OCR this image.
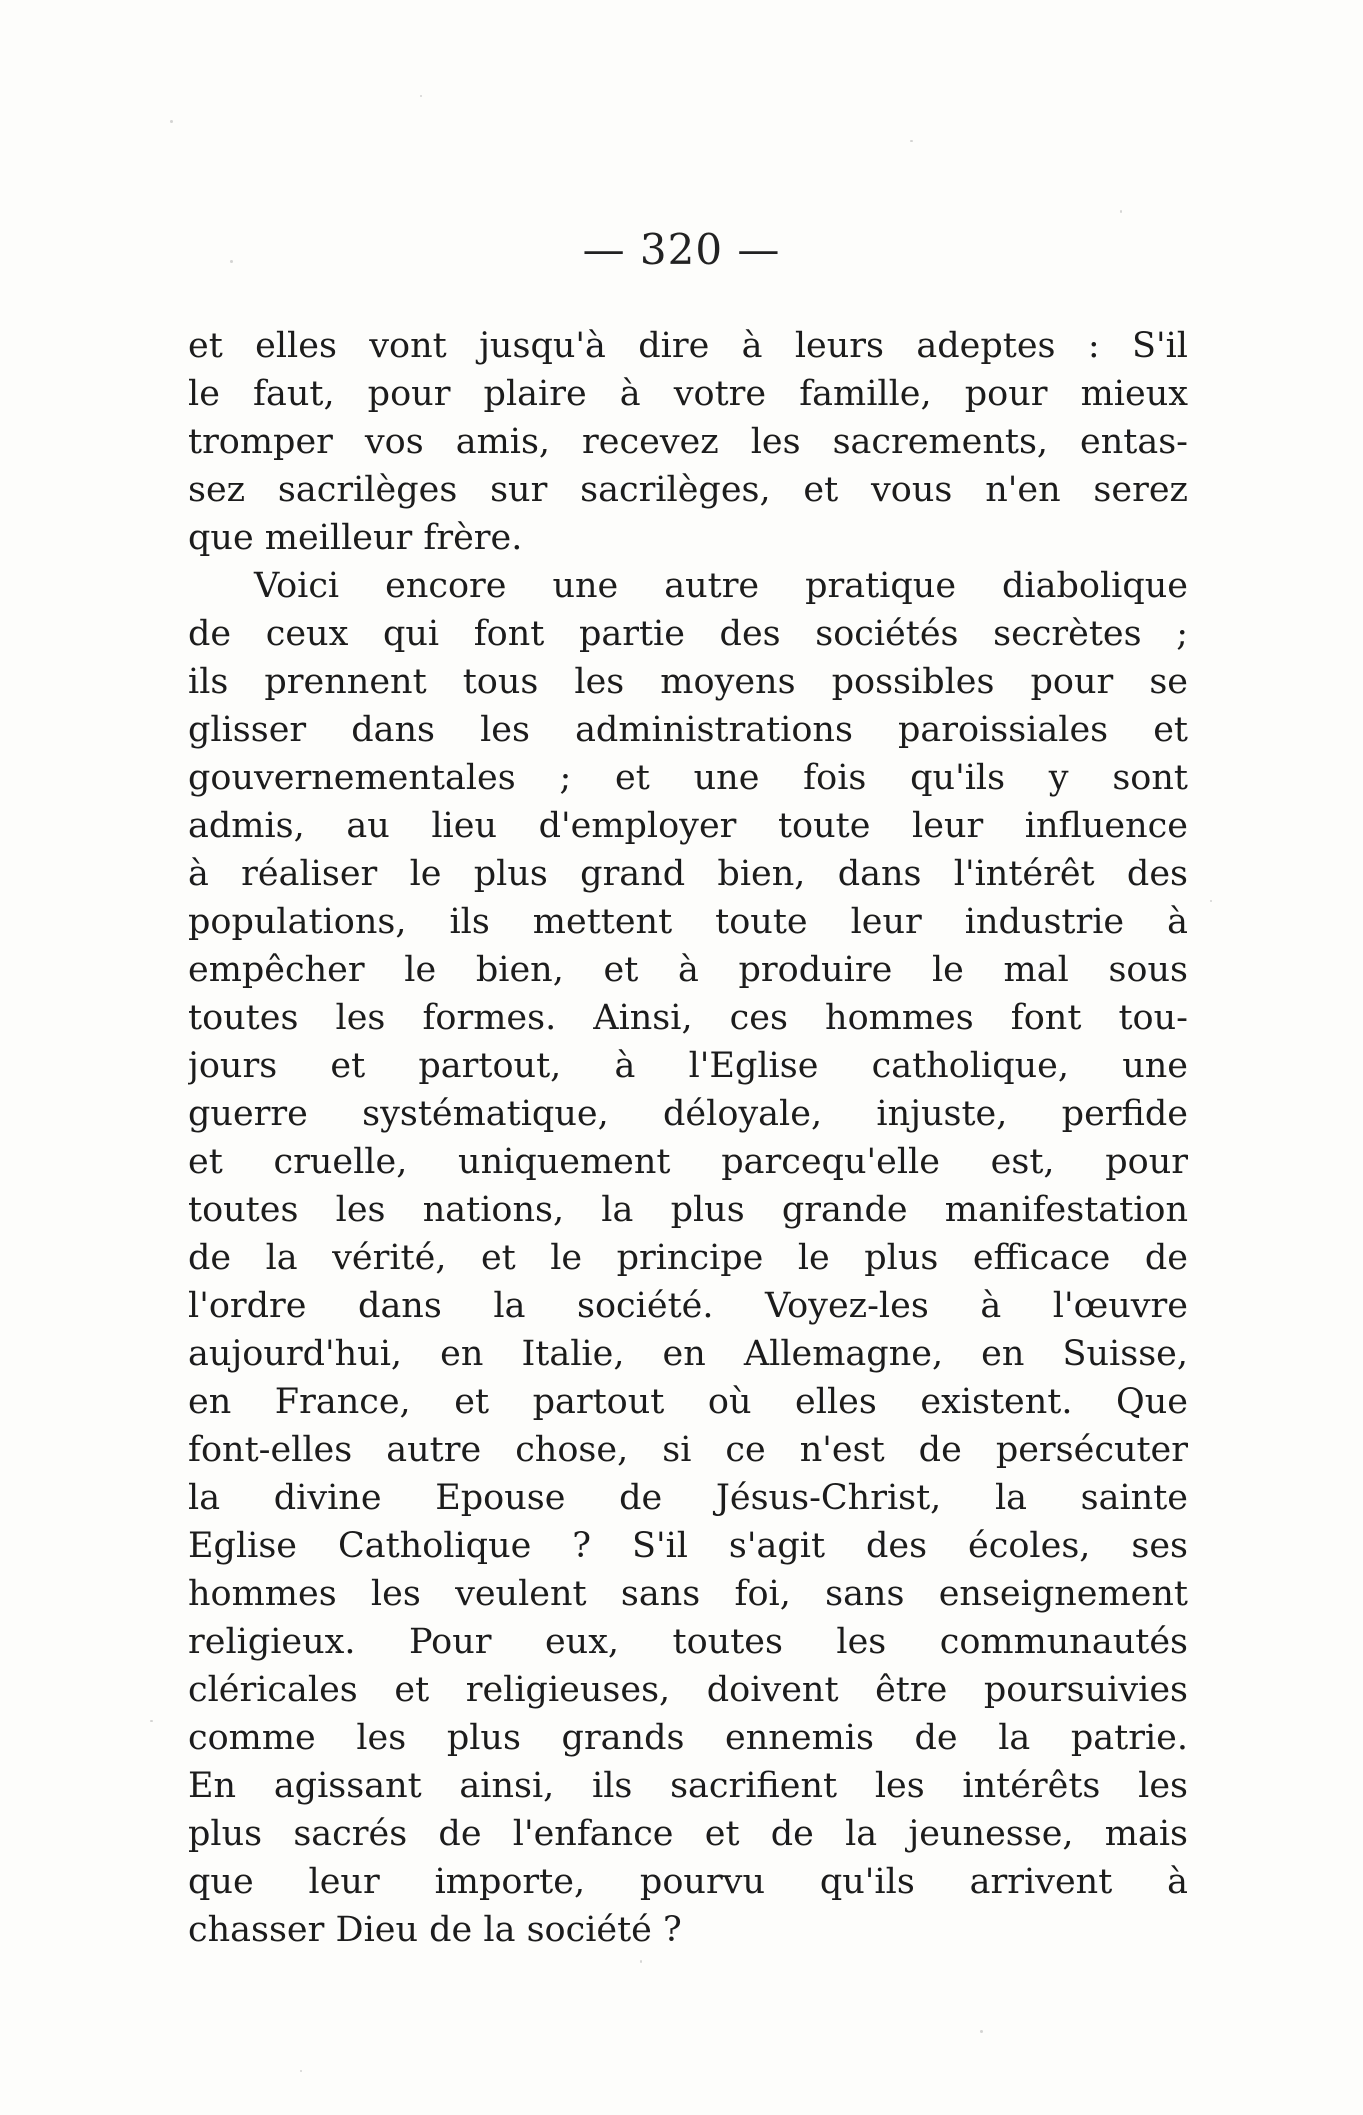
— 320 —
et elles vont jusqu'à dire à leurs adeptes : S'il
le faut, pour plaire à votre famille, pour mieux
tromper vos amis, recevez les sacrements, entas-
sez sacrilèges sur sacrilèges, et vous n'en serez
que meilleur frère.
Voici encore une autre pratique diabolique
de ceux qui font partie des sociétés secrètes ;
ils prennent tous les moyens possibles pour se
glisser dans les administrations paroissiales et
gouvernementales ; et une fois qu'ils y sont
admis, au lieu d'employer toute leur influence
à réaliser le plus grand bien, dans l'intérêt des
populations, ils mettent toute leur industrie à
empêcher le bien, et à produire le mal sous
toutes les formes. Ainsi, ces hommes font tou-
jours et partout, à l'Eglise catholique, une
guerre systématique, déloyale, injuste, perfide
et cruelle, uniquement parcequ'elle est, pour
toutes les nations, la plus grande manifestation
de la vérité, et le principe le plus efficace de
l'ordre dans la société. Voyez-les à l'œuvre
aujourd'hui, en Italie, en Allemagne, en Suisse,
en France, et partout où elles existent. Que
font-elles autre chose, si ce n'est de persécuter
la divine Epouse de Jésus-Christ, la sainte
Eglise Catholique ? S'il s'agit des écoles, ses
hommes les veulent sans foi, sans enseignement
religieux. Pour eux, toutes les communautés
cléricales et religieuses, doivent être poursuivies
comme les plus grands ennemis de la patrie.
En agissant ainsi, ils sacrifient les intérêts les
plus sacrés de l'enfance et de la jeunesse, mais
que leur importe, pourvu qu'ils arrivent à
chasser Dieu de la société ?
